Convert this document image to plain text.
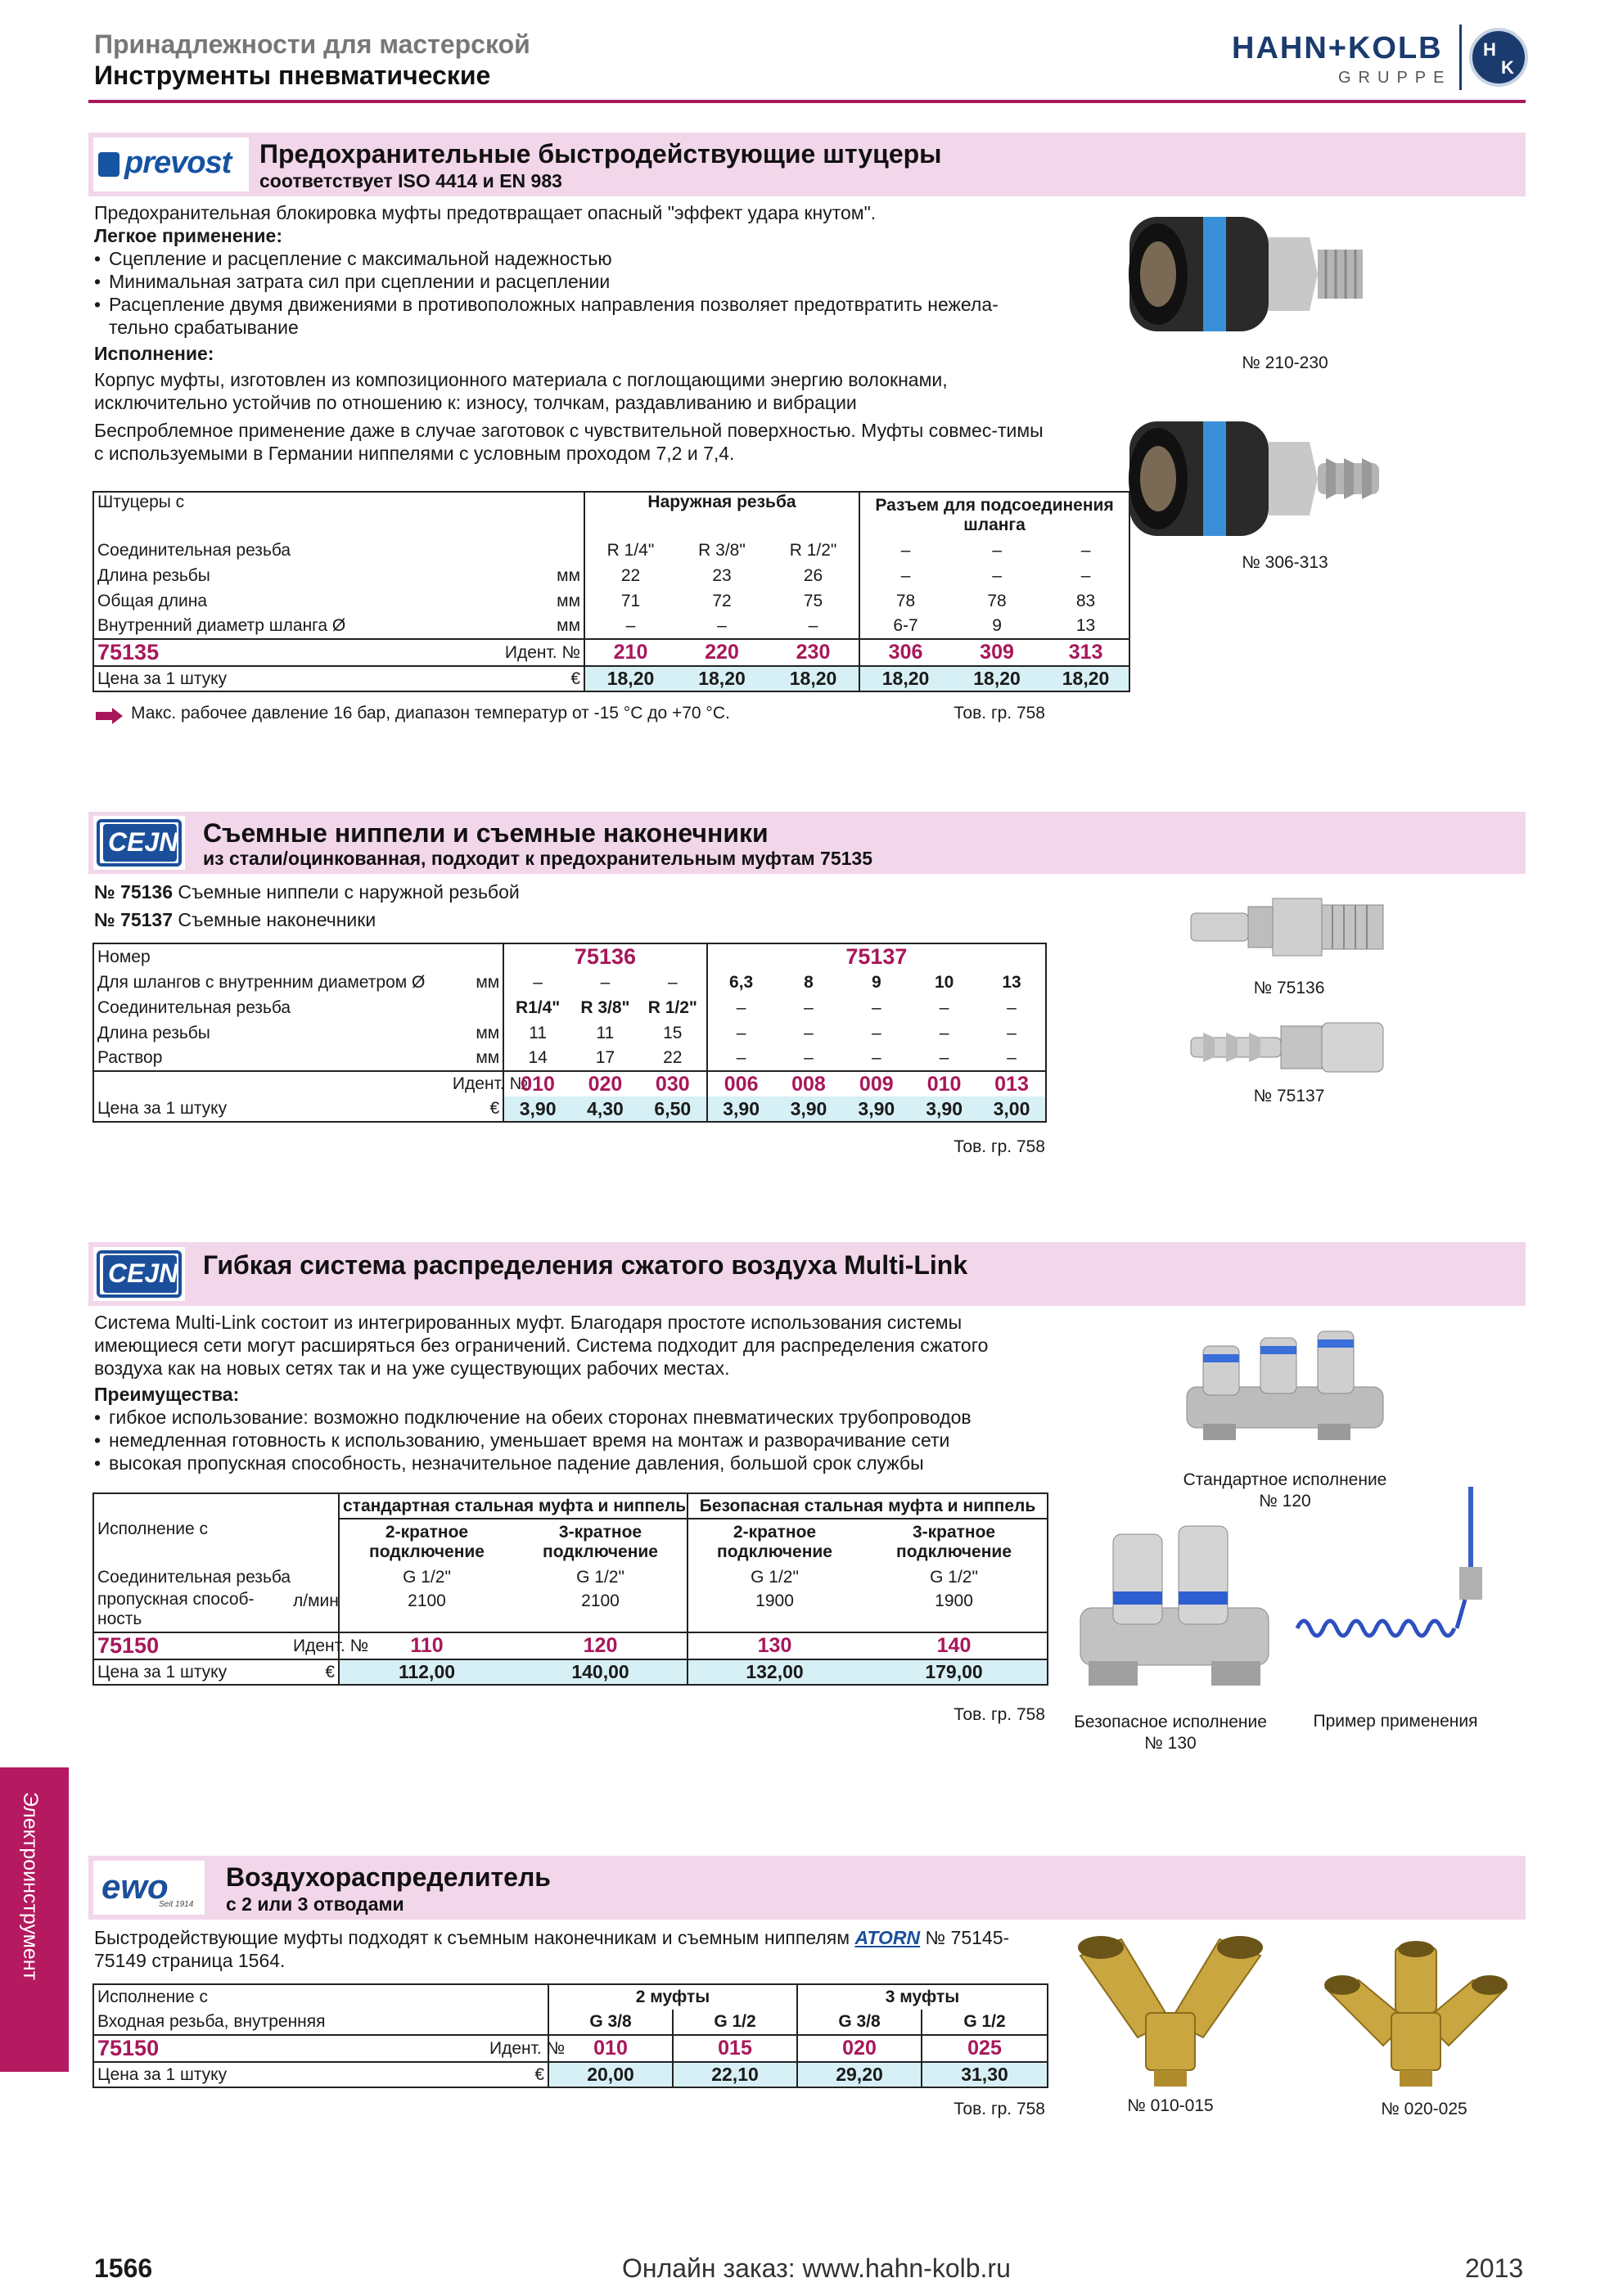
Принадлежности для мастерской
Инструменты пневматические
HAHN+KOLB
GRUPPE
H
K
prevost Предохранительные быстродействующие штуцеры
соответствует ISO 4414 и EN 983
Предохранительная блокировка муфты предотвращает опасный "эффект удара кнутом".
Легкое применение:
• Сцепление и расцепление с максимальной надежностью
• Минимальная затрата сил при сцеплении и расцеплении
• Расцепление двумя движениями в противоположных направления позволяет предотвратить нежела-тельно срабатывание
Исполнение:
Корпус муфты, изготовлен из композиционного материала с поглощающими энергию волокнами, исключительно устойчив по отношению к: износу, толчкам, раздавливанию и вибрации
Беспроблемное применение даже в случае заготовок с чувствительной поверхностью. Муфты совмес-тимы с используемыми в Германии ниппелями с условным проходом 7,2 и 7,4.
Штуцеры с		Наружная резьба			Разъем для подсоединения шланга		
Соединительная резьба		R 1/4"	R 3/8"	R 1/2"	–	–	–
Длина резьбы	мм	22	23	26	–	–	–
Общая длина	мм	71	72	75	78	78	83
Внутренний диаметр шланга Ø	мм	–	–	–	6-7	9	13
75135	Идент. №	210	220	230	306	309	313
Цена за 1 штуку	€	18,20	18,20	18,20	18,20	18,20	18,20
Макс. рабочее давление 16 бар, диапазон температур от -15 °C до +70 °C.	Тов. гр. 758
№ 210-230
№ 306-313
CEJN Съемные ниппели и съемные наконечники
из стали/оцинкованная, подходит к предохранительным муфтам 75135
№ 75136 Съемные ниппели с наружной резьбой
№ 75137 Съемные наконечники
Номер		75136			75137				
Для шлангов с внутренним диаметром Ø	мм	–	–	–	6,3	8	9	10	13
Соединительная резьба		R1/4"	R 3/8"	R 1/2"	–	–	–	–	–
Длина резьбы	мм	11	11	15	–	–	–	–	–
Раствор	мм	14	17	22	–	–	–	–	–
	Идент. №	010	020	030	006	008	009	010	013
Цена за 1 штуку	€	3,90	4,30	6,50	3,90	3,90	3,90	3,90	3,00
Тов. гр. 758
№ 75136
№ 75137
CEJN Гибкая система распределения сжатого воздуха Multi-Link
Система Multi-Link состоит из интегрированных муфт. Благодаря простоте использования системы имеющиеся сети могут расширяться без ограничений. Система подходит для распределения сжатого воздуха как на новых сетях так и на уже существующих рабочих местах.
Преимущества:
• гибкое использование: возможно подключение на обеих сторонах пневматических трубопроводов
• немедленная готовность к использованию, уменьшает время на монтаж и разворачивание сети
• высокая пропускная способность, незначительное падение давления, большой срок службы
Исполнение с		стандартная стальная муфта и ниппель		Безопасная стальная муфта и ниппель	
		2-кратное подключение	3-кратное подключение	2-кратное подключение	3-кратное подключение
Соединительная резьба		G 1/2"	G 1/2"	G 1/2"	G 1/2"
пропускная способ-ность	л/мин	2100	2100	1900	1900
75150	Идент. №	110	120	130	140
Цена за 1 штуку	€	112,00	140,00	132,00	179,00
Тов. гр. 758
Стандартное исполнение
№ 120
Безопасное исполнение
№ 130
Пример применения
ewo
Seit 1914
Воздухораспределитель
с 2 или 3 отводами
Быстродействующие муфты подходят к съемным наконечникам и съемным ниппелям ATORN № 75145-75149 страница 1564.
Исполнение с		2 муфты		3 муфты	
Входная резьба, внутренняя		G 3/8	G 1/2	G 3/8	G 1/2
75150	Идент. №	010	015	020	025
Цена за 1 штуку	€	20,00	22,10	29,20	31,30
Тов. гр. 758	№ 010-015	№ 020-025
Электроинструмент
1566	Онлайн заказ: www.hahn-kolb.ru	2013
